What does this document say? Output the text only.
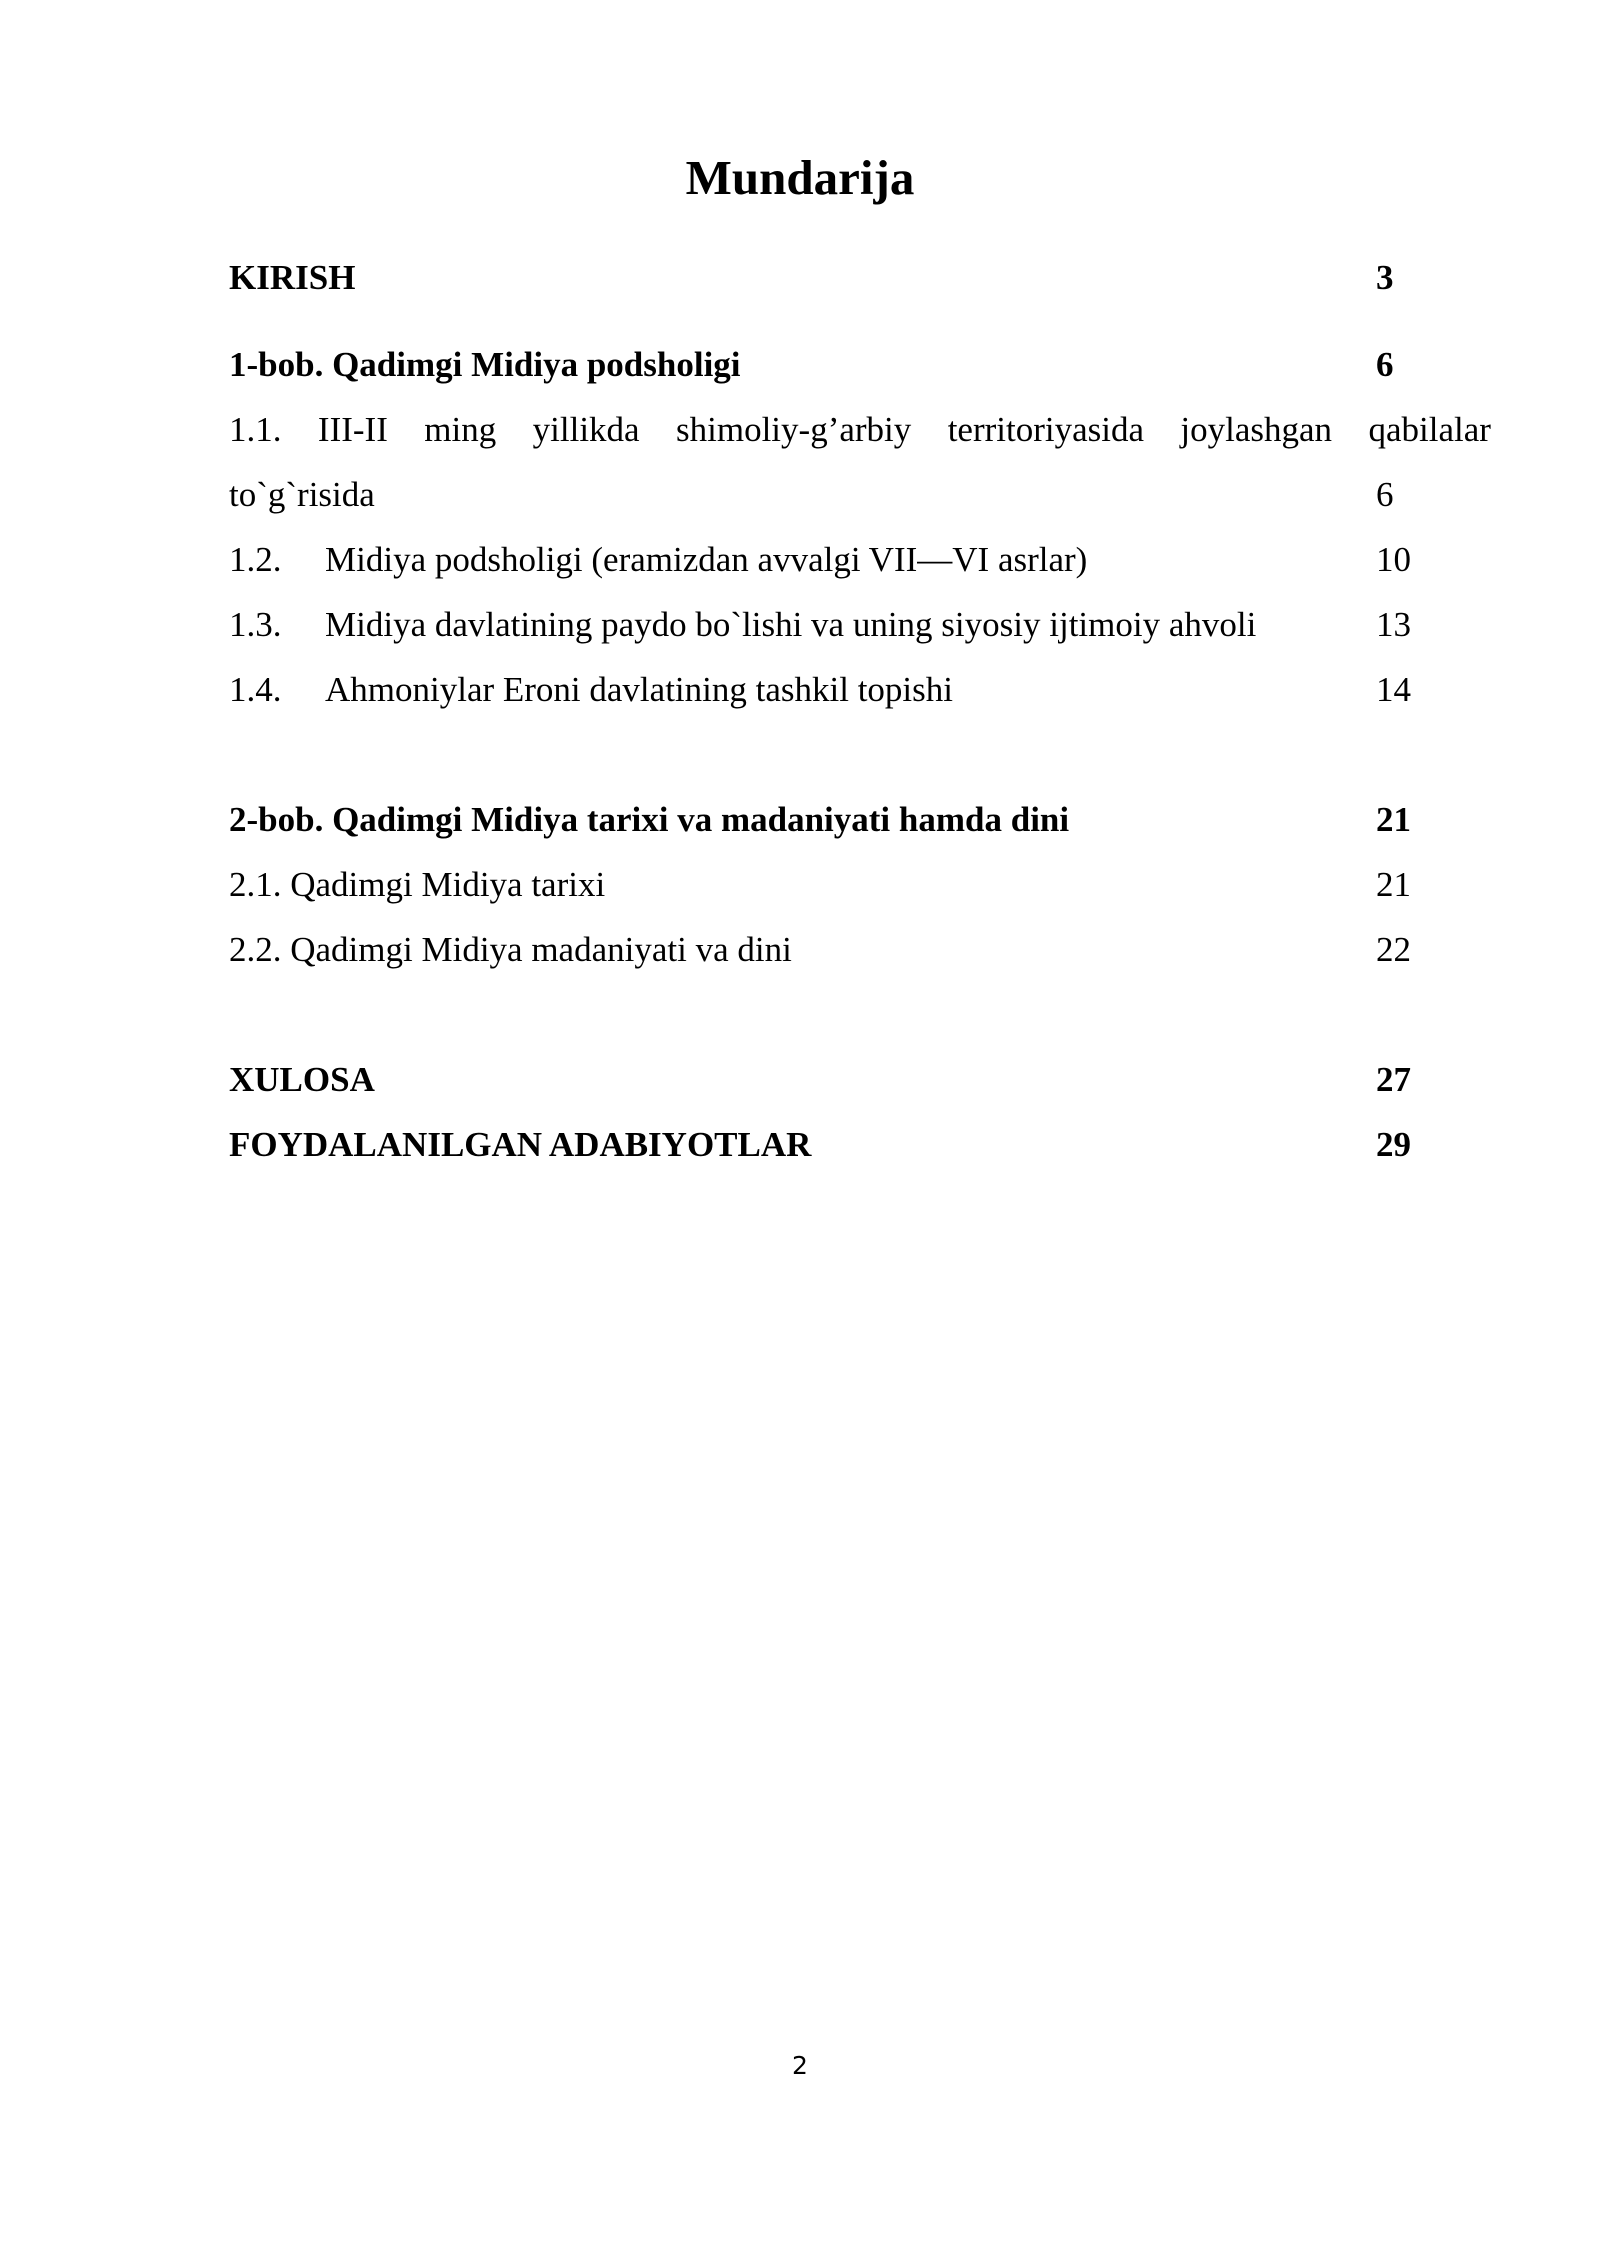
Mundarija
KIRISH	3
1-bob. Qadimgi Midiya podsholigi	6
1.1. III-II ming yillikda shimoliy-g’arbiy territoriyasida joylashgan qabilalar
to`g`risida	6
1.2. Midiya podsholigi (eramizdan avvalgi VII—VI asrlar)	10
1.3. Midiya davlatining paydo bo`lishi va uning siyosiy ijtimoiy ahvoli	13
1.4. Ahmoniylar Eroni davlatining tashkil topishi	14
2-bob. Qadimgi Midiya tarixi va madaniyati hamda dini	21
2.1. Qadimgi Midiya tarixi	21
2.2. Qadimgi Midiya madaniyati va dini	22
XULOSA	27
FOYDALANILGAN ADABIYOTLAR	29
2
